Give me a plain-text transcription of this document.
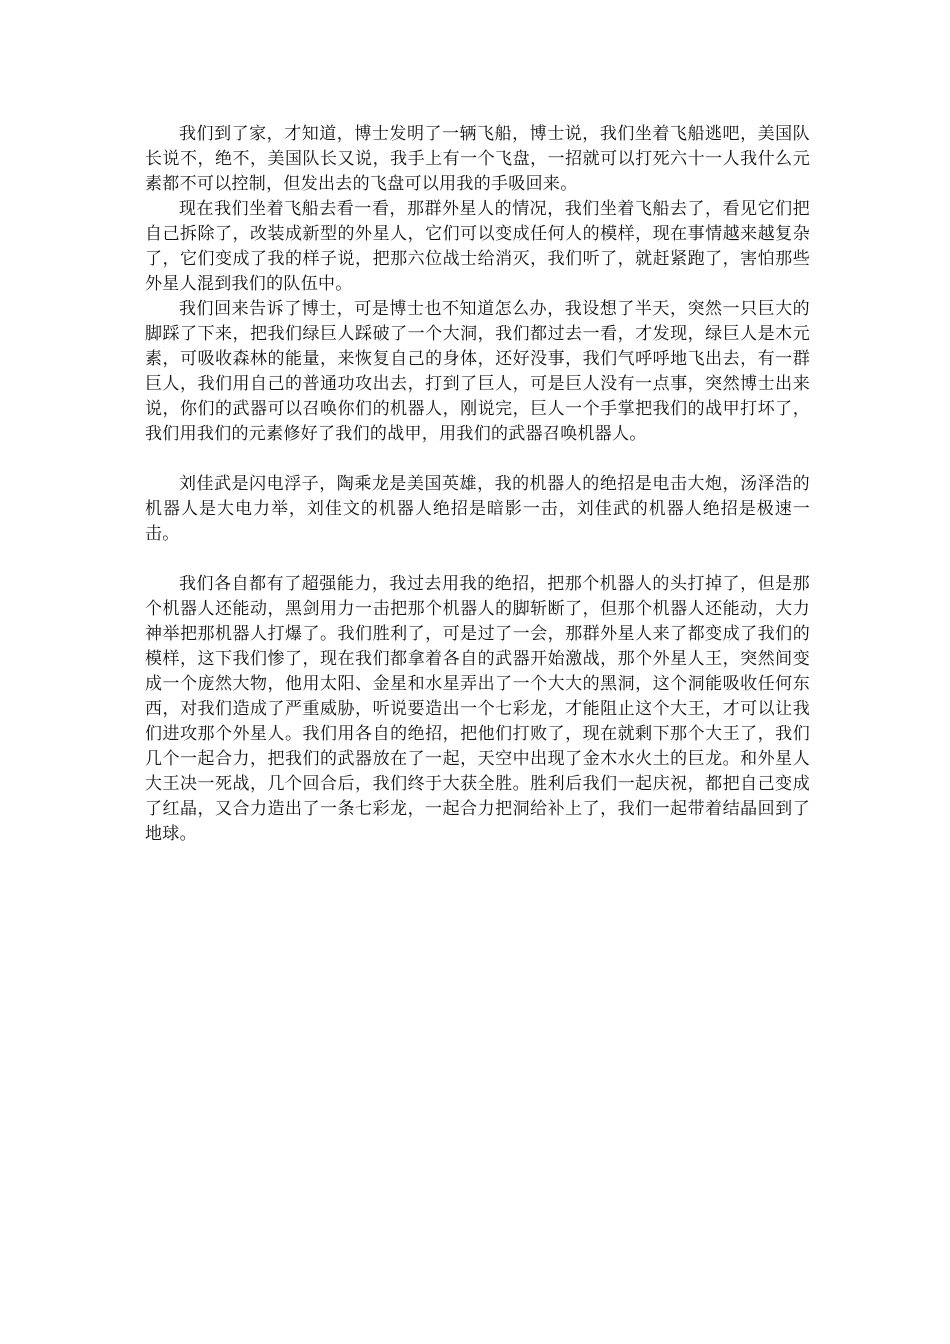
我们到了家，才知道，博士发明了一辆飞船，博士说，我们坐着飞船逃吧，美国队长说不，绝不，美国队长又说，我手上有一个飞盘，一招就可以打死六十一人我什么元素都不可以控制，但发出去的飞盘可以用我的手吸回来。

现在我们坐着飞船去看一看，那群外星人的情况，我们坐着飞船去了，看见它们把自己拆除了，改装成新型的外星人，它们可以变成任何人的模样，现在事情越来越复杂了，它们变成了我的样子说，把那六位战士给消灭，我们听了，就赶紧跑了，害怕那些外星人混到我们的队伍中。

我们回来告诉了博士，可是博士也不知道怎么办，我设想了半天，突然一只巨大的脚踩了下来，把我们绿巨人踩破了一个大洞，我们都过去一看，才发现，绿巨人是木元素，可吸收森林的能量，来恢复自己的身体，还好没事，我们气呼呼地飞出去，有一群巨人，我们用自己的普通功攻出去，打到了巨人，可是巨人没有一点事，突然博士出来说，你们的武器可以召唤你们的机器人，刚说完，巨人一个手掌把我们的战甲打坏了，我们用我们的元素修好了我们的战甲，用我们的武器召唤机器人。

刘佳武是闪电浮子，陶乘龙是美国英雄，我的机器人的绝招是电击大炮，汤泽浩的机器人是大电力举，刘佳文的机器人绝招是暗影一击，刘佳武的机器人绝招是极速一击。

我们各自都有了超强能力，我过去用我的绝招，把那个机器人的头打掉了，但是那个机器人还能动，黑剑用力一击把那个机器人的脚斩断了，但那个机器人还能动，大力神举把那机器人打爆了。我们胜利了，可是过了一会，那群外星人来了都变成了我们的模样，这下我们惨了，现在我们都拿着各自的武器开始激战，那个外星人王，突然间变成一个庞然大物，他用太阳、金星和水星弄出了一个大大的黑洞，这个洞能吸收任何东西，对我们造成了严重威胁，听说要造出一个七彩龙，才能阻止这个大王，才可以让我们进攻那个外星人。我们用各自的绝招，把他们打败了，现在就剩下那个大王了，我们几个一起合力，把我们的武器放在了一起，天空中出现了金木水火土的巨龙。和外星人大王决一死战，几个回合后，我们终于大获全胜。胜利后我们一起庆祝，都把自己变成了红晶，又合力造出了一条七彩龙，一起合力把洞给补上了，我们一起带着结晶回到了地球。
